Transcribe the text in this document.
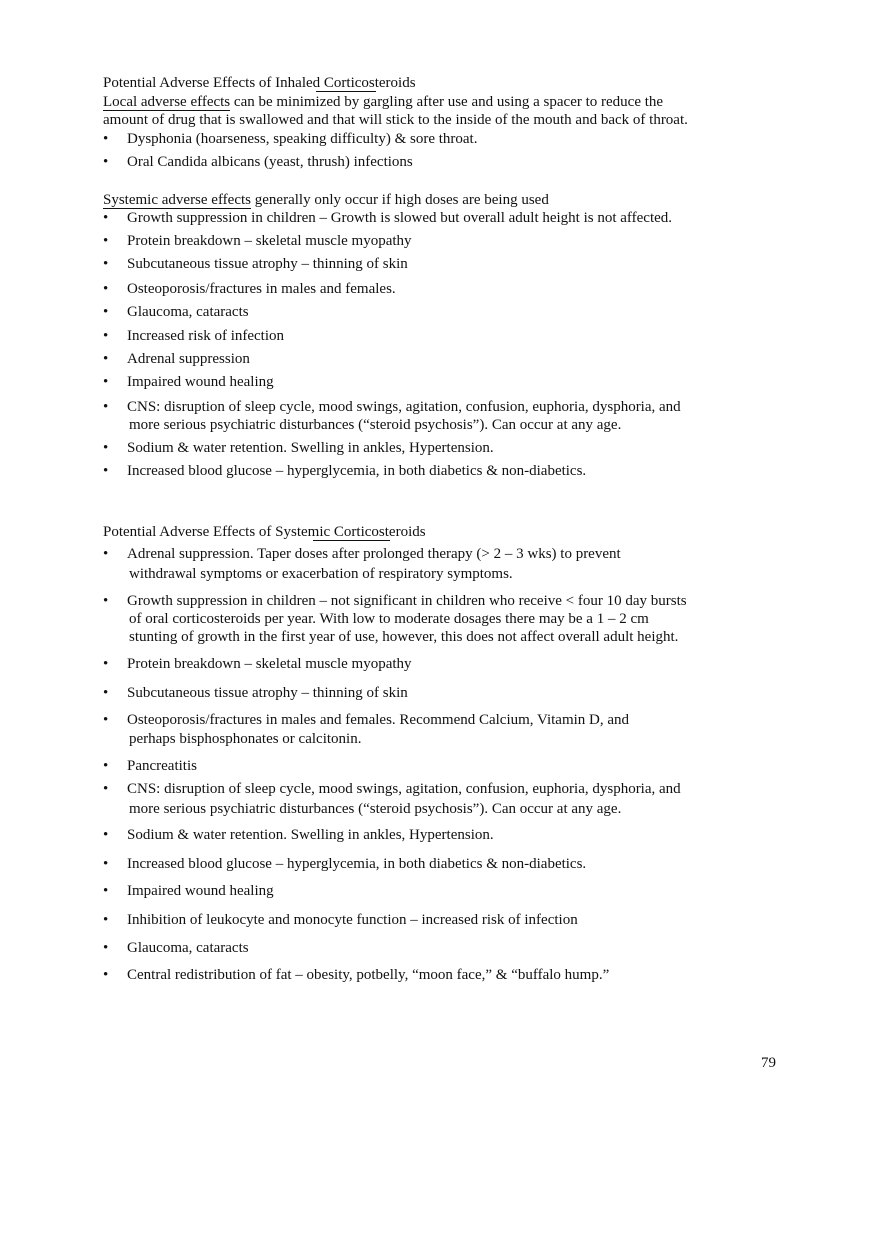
Potential Adverse Effects of Inhaled Corticosteroids
Local adverse effects can be minimized by gargling after use and using a spacer to reduce the
amount of drug that is swallowed and that will stick to the inside of the mouth and back of throat.
• Dysphonia (hoarseness, speaking difficulty) & sore throat.
• Oral Candida albicans (yeast, thrush) infections
Systemic adverse effects generally only occur if high doses are being used
• Growth suppression in children – Growth is slowed but overall adult height is not affected.
• Protein breakdown – skeletal muscle myopathy
• Subcutaneous tissue atrophy – thinning of skin
• Osteoporosis/fractures in males and females.
• Glaucoma, cataracts
• Increased risk of infection
• Adrenal suppression
• Impaired wound healing
• CNS: disruption of sleep cycle, mood swings, agitation, confusion, euphoria, dysphoria, and
more serious psychiatric disturbances (“steroid psychosis”). Can occur at any age.
• Sodium & water retention. Swelling in ankles, Hypertension.
• Increased blood glucose – hyperglycemia, in both diabetics & non-diabetics.
Potential Adverse Effects of Systemic Corticosteroids
• Adrenal suppression. Taper doses after prolonged therapy (> 2 – 3 wks) to prevent
withdrawal symptoms or exacerbation of respiratory symptoms.
• Growth suppression in children – not significant in children who receive < four 10 day bursts
of oral corticosteroids per year. With low to moderate dosages there may be a 1 – 2 cm
stunting of growth in the first year of use, however, this does not affect overall adult height.
• Protein breakdown – skeletal muscle myopathy
• Subcutaneous tissue atrophy – thinning of skin
• Osteoporosis/fractures in males and females. Recommend Calcium, Vitamin D, and
perhaps bisphosphonates or calcitonin.
• Pancreatitis
• CNS: disruption of sleep cycle, mood swings, agitation, confusion, euphoria, dysphoria, and
more serious psychiatric disturbances (“steroid psychosis”). Can occur at any age.
• Sodium & water retention. Swelling in ankles, Hypertension.
• Increased blood glucose – hyperglycemia, in both diabetics & non-diabetics.
• Impaired wound healing
• Inhibition of leukocyte and monocyte function – increased risk of infection
• Glaucoma, cataracts
• Central redistribution of fat – obesity, potbelly, “moon face,” & “buffalo hump.”
79
